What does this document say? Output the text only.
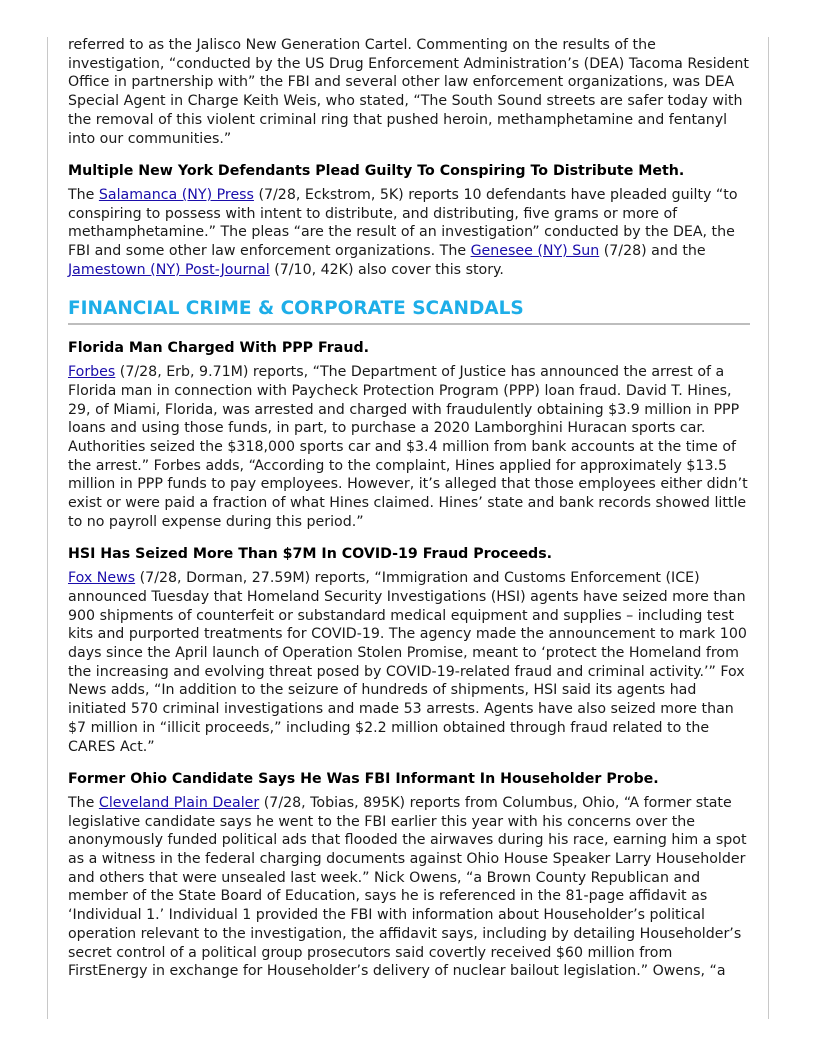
referred to as the Jalisco New Generation Cartel. Commenting on the results of the investigation, “conducted by the US Drug Enforcement Administration’s (DEA) Tacoma Resident Office in partnership with” the FBI and several other law enforcement organizations, was DEA Special Agent in Charge Keith Weis, who stated, “The South Sound streets are safer today with the removal of this violent criminal ring that pushed heroin, methamphetamine and fentanyl into our communities.”

Multiple New York Defendants Plead Guilty To Conspiring To Distribute Meth.

The Salamanca (NY) Press (7/28, Eckstrom, 5K) reports 10 defendants have pleaded guilty “to conspiring to possess with intent to distribute, and distributing, five grams or more of methamphetamine.” The pleas “are the result of an investigation” conducted by the DEA, the FBI and some other law enforcement organizations. The Genesee (NY) Sun (7/28) and the Jamestown (NY) Post-Journal (7/10, 42K) also cover this story.

FINANCIAL CRIME & CORPORATE SCANDALS
Florida Man Charged With PPP Fraud.

Forbes (7/28, Erb, 9.71M) reports, “The Department of Justice has announced the arrest of a Florida man in connection with Paycheck Protection Program (PPP) loan fraud. David T. Hines, 29, of Miami, Florida, was arrested and charged with fraudulently obtaining $3.9 million in PPP loans and using those funds, in part, to purchase a 2020 Lamborghini Huracan sports car. Authorities seized the $318,000 sports car and $3.4 million from bank accounts at the time of the arrest.” Forbes adds, “According to the complaint, Hines applied for approximately $13.5 million in PPP funds to pay employees. However, it’s alleged that those employees either didn’t exist or were paid a fraction of what Hines claimed. Hines’ state and bank records showed little to no payroll expense during this period.”

HSI Has Seized More Than $7M In COVID-19 Fraud Proceeds.

Fox News (7/28, Dorman, 27.59M) reports, “Immigration and Customs Enforcement (ICE) announced Tuesday that Homeland Security Investigations (HSI) agents have seized more than 900 shipments of counterfeit or substandard medical equipment and supplies – including test kits and purported treatments for COVID-19. The agency made the announcement to mark 100 days since the April launch of Operation Stolen Promise, meant to ‘protect the Homeland from the increasing and evolving threat posed by COVID-19-related fraud and criminal activity.’” Fox News adds, “In addition to the seizure of hundreds of shipments, HSI said its agents had initiated 570 criminal investigations and made 53 arrests. Agents have also seized more than $7 million in “illicit proceeds,” including $2.2 million obtained through fraud related to the CARES Act.”

Former Ohio Candidate Says He Was FBI Informant In Householder Probe.

The Cleveland Plain Dealer (7/28, Tobias, 895K) reports from Columbus, Ohio, “A former state legislative candidate says he went to the FBI earlier this year with his concerns over the anonymously funded political ads that flooded the airwaves during his race, earning him a spot as a witness in the federal charging documents against Ohio House Speaker Larry Householder and others that were unsealed last week.” Nick Owens, “a Brown County Republican and member of the State Board of Education, says he is referenced in the 81-page affidavit as ‘Individual 1.’ Individual 1 provided the FBI with information about Householder’s political operation relevant to the investigation, the affidavit says, including by detailing Householder’s secret control of a political group prosecutors said covertly received $60 million from FirstEnergy in exchange for Householder’s delivery of nuclear bailout legislation.” Owens, “a
